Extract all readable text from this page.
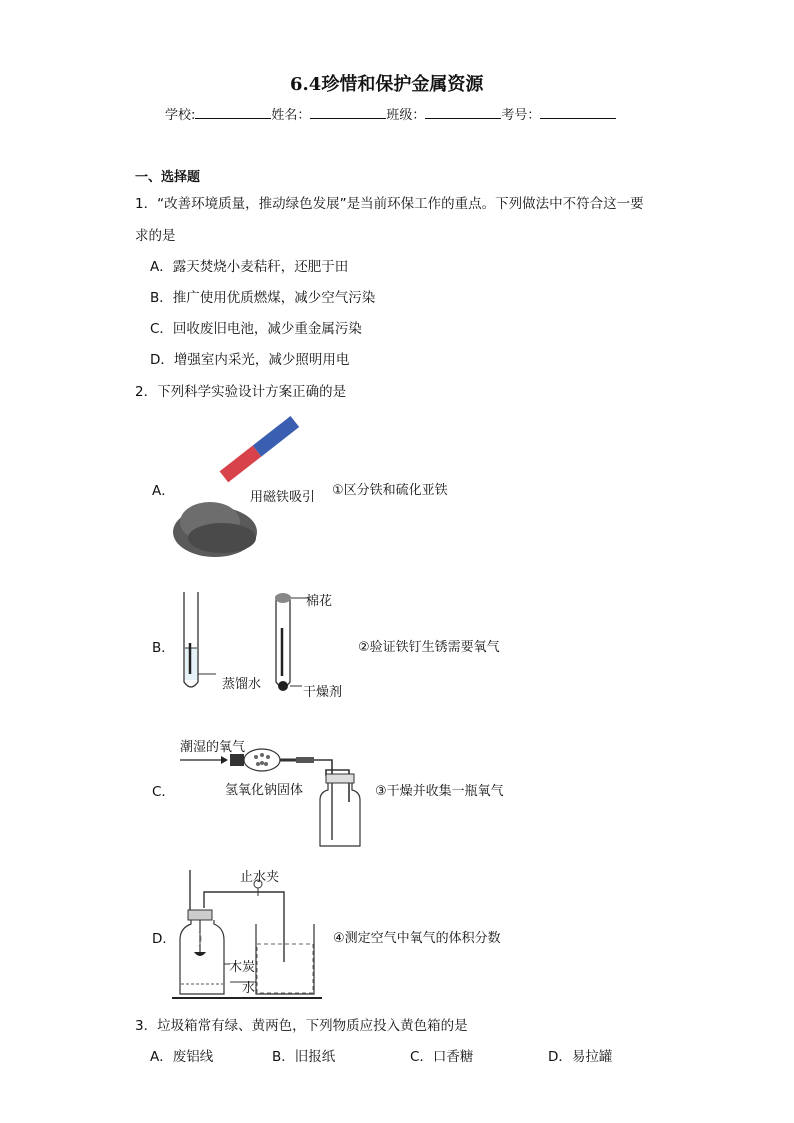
6.4珍惜和保护金属资源
学校:	姓名：	班级：	考号：
一、选择题
1．“改善环境质量，推动绿色发展”是当前环保工作的重点。下列做法中不符合这一要
求的是
A．露天焚烧小麦秸秆，还肥于田
B．推广使用优质燃煤，减少空气污染
C．回收废旧电池，减少重金属污染
D．增强室内采光，减少照明用电
2．下列科学实验设计方案正确的是
A．	用磁铁吸引 ①区分铁和硫化亚铁
B．
棉花
蒸馏水
干燥剂
②验证铁钉生锈需要氧气
C．
潮湿的氧气
氢氧化钠固体	③干燥并收集一瓶氧气
D．
止水夹
木炭
水
④测定空气中氧气的体积分数
3．垃圾箱常有绿、黄两色，下列物质应投入黄色箱的是
A．废铝线	B．旧报纸	C．口香糖	D．易拉罐
